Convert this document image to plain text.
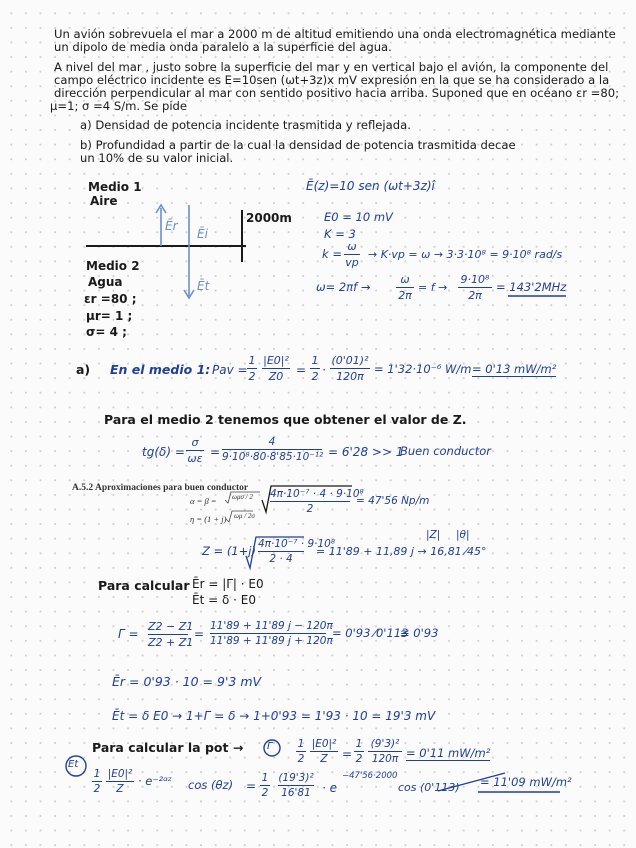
Un avión sobrevuela el mar a 2000 m de altitud emitiendo una onda electromagnética mediante
un dipolo de media onda paralelo a la superficie del agua.
A nivel del mar , justo sobre la superficie del mar y en vertical bajo el avión, la componente del
campo eléctrico incidente es E=10sen (ωt+3z)x mV expresión en la que se ha considerado a la
dirección perpendicular al mar con sentido positivo hacia arriba. Suponed que en océano εr =80;
μ=1; σ =4 S/m. Se pide
a) Densidad de potencia incidente trasmitida y reflejada.
b) Profundidad a partir de la cual la densidad de potencia trasmitida decae
un 10% de su valor inicial.
Medio 1
Aire
Medio 2
Agua
εr =80 ;
μr= 1 ;
σ= 4 ;
2000m
Ēr
Ēi
Ēt
Ē(z)=10 sen (ωt+3z)î
E0 = 10 mV
K = 3
k =
ω
vp
→ K·vp = ω → 3·3·10⁸ = 9·10⁸ rad/s
ω= 2πf →
ω
2π
= f →
9·10⁸
2π
= 143'2MHz
a) En el medio 1: Pav =
1
2
|E0|²
Z0	=
1
2 ·
(0'01)²
120π
= 1'32·10⁻⁶ W/m = 0'13 mW/m²
Para el medio 2 tenemos que obtener el valor de Z.
tg(δ) =
σ
ωε =
4
9·10⁸·80·8'85·10⁻¹² = 6'28 >> 1
Buen conductor
A.5.2 Aproximaciones para buen conductor
α = β = ωμσ / 2
η = (1 + j) ωμ / 2σ
4π·10⁻⁷ · 4 · 9·10⁸
2
= 47'56 Np/m
|Z| |θ|
Z = (1+j) 4π·10⁻⁷ · 9·10⁸
2 · 4
= 11'89 + 11,89 j → 16,81 ⁄45°
Para calcular Ēr = |Γ| · E0
Ēt = δ · E0
Γ =
Z2 − Z1
Z2 + Z1
=
11'89 + 11'89 j − 120π
11'89 + 11'89 j + 120π
= 0'93 ⁄0'113
≅ 0'93
Ēr = 0'93 · 10 = 9'3 mV
Ēt = δ E0 → 1+Γ = δ → 1+0'93 = 1'93 · 10 = 19'3 mV
Para calcular la pot → Γ 1
2
|E0|²
Z	=
1
2
(9'3)²
120π = 0'11 mW/m²
Et
1
2
|E0|²
Z
· e⁻²ᵅᶻ cos (θz) =
1
2
(19'3)²
16'81 · e
−47'56·2000
cos (0'113) = 11'09 mW/m²
